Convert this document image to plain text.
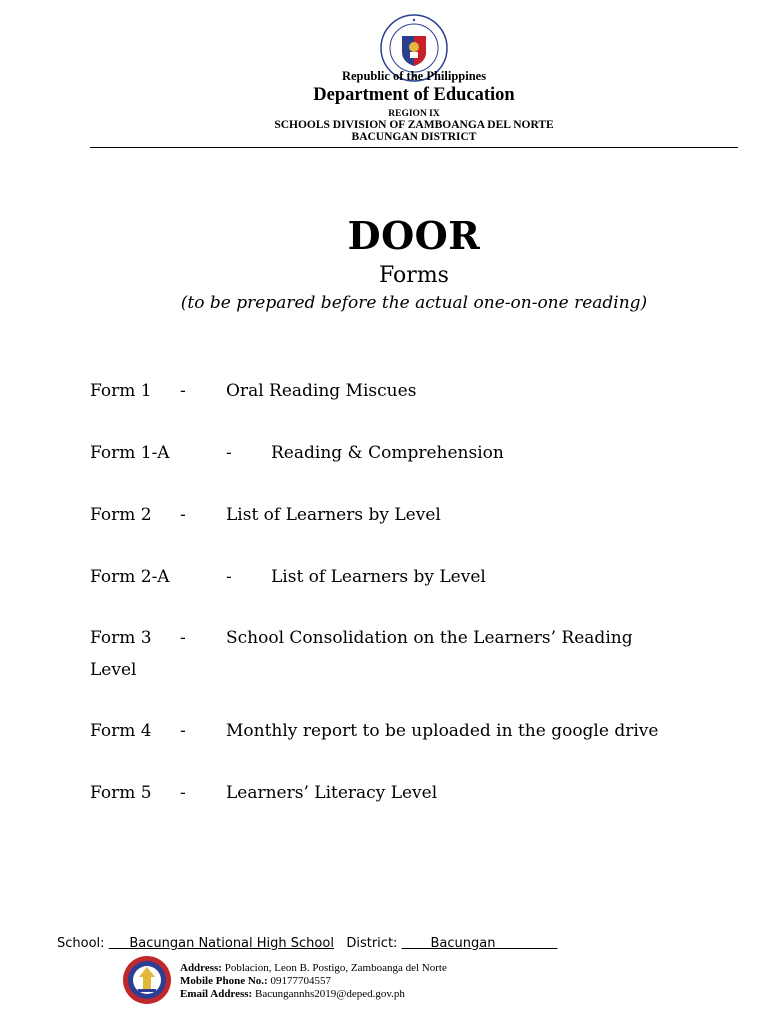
Republic of the Philippines
Department of Education
REGION IX
SCHOOLS DIVISION OF ZAMBOANGA DEL NORTE
BACUNGAN DISTRICT
DOOR
Forms
(to be prepared before the actual one-on-one reading)
Form 1 - Oral Reading Miscues
Form 1-A	- Reading & Comprehension
Form 2 - List of Learners by Level
Form 2-A	- List of Learners by Level
Form 3 - School Consolidation on the Learners’ Reading
Level
Form 4 - Monthly report to be uploaded in the google drive
Form 5 - Learners’ Literacy Level
School: Bacungan National High School District:	Bacungan
Address: Poblacion, Leon B. Postigo, Zamboanga del Norte
Mobile Phone No.: 09177704557
Email Address: Bacungannhs2019@deped.gov.ph
